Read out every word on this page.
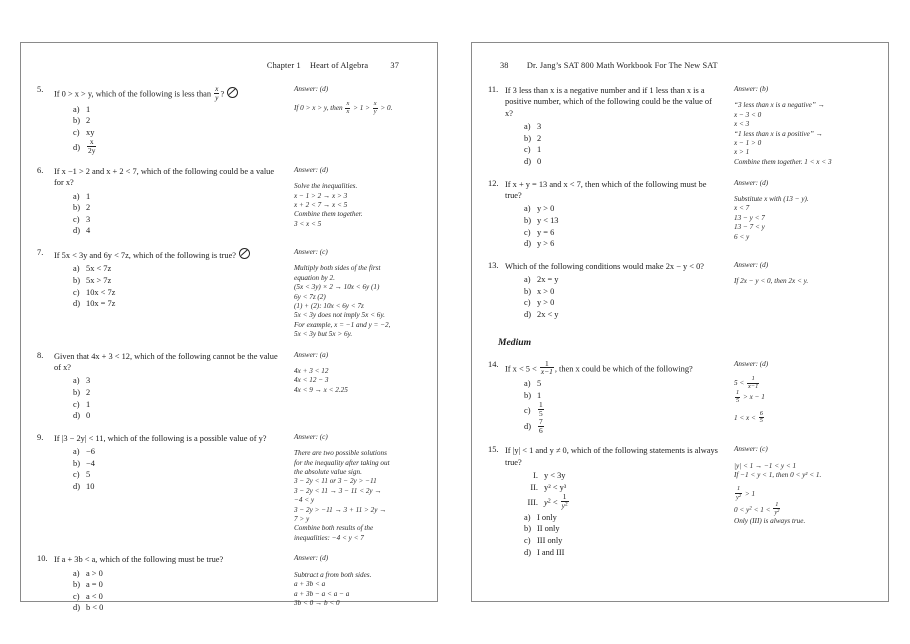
Chapter 1 Heart of Algebra	37
5.
If 0 > x > y, which of the following is less than $\frac{x}{y}$ ?
a) 1
b) 2
c) xy
$d) \frac{x}{2y}$
Answer: (d)
If 0 > x > y, then $\frac{x}{x} > 1 > \frac{x}{y} > 0$.
6.	If x −1 > 2 and x + 2 < 7, which of the following could be a value for x?
a) 1
b) 2
c) 3
d) 4
Answer: (d)
Solve the inequalities.
x − 1 > 2 → x > 3
x + 2 < 7 → x < 5
Combine them together.
3 < x < 5
7.	If 5x < 3y and 6y < 7z, which of the following is true?
a) 5x < 7z
b) 5x > 7z
c) 10x < 7z
d) 10x = 7z
Answer: (c)
Multiply both sides of the first
equation by 2.
(5x < 3y) × 2 → 10x < 6y (1)
6y < 7z (2)
(1) + (2): 10x < 6y < 7z
5x < 3y does not imply 5x < 6y.
For example, x = −1 and y = −2,
5x < 3y but 5x > 6y.
8.	Given that 4x + 3 < 12, which of the following cannot be the value of x?
a) 3
b) 2
c) 1
d) 0
Answer: (a)
4x + 3 < 12
4x < 12 − 3
4x < 9 → x < 2.25
9.	If |3 − 2y| < 11, which of the following is a possible value of y?
a) −6
b) −4
c) 5
d) 10
Answer: (c)
There are two possible solutions
for the inequality after taking out
the absolute value sign.
3 − 2y < 11 or 3 − 2y > −11
3 − 2y < 11 → 3 − 11 < 2y →
−4 < y
3 − 2y > −11 → 3 + 11 > 2y →
7 > y
Combine both results of the
inequalities: −4 < y < 7
10. If a + 3b < a, which of the following must be true?
a) a > 0
b) a = 0
c) a < 0
d) b < 0
Answer: (d)
Subtract a from both sides.
a + 3b < a
a + 3b − a < a − a
3b < 0 → b < 0
38 Dr. Jang’s SAT 800 Math Workbook For The New SAT
11. If 3 less than x is a negative number and if 1 less than x is a positive number, which of the following could be the value of x?
a) 3
b) 2
c) 1
d) 0
Answer: (b)
“3 less than x is a negative” →
x − 3 < 0
x < 3
“1 less than x is a positive” →
x − 1 > 0
x > 1
Combine them together. 1 < x < 3
12. If x + y = 13 and x < 7, then which of the following must be true?
a) y > 0
b) y < 13
c) y = 6
d) y > 6
Answer: (d)
Substitute x with (13 − y).
x < 7
13 − y < 7
13 − 7 < y
6 < y
13. Which of the following conditions would make 2x − y < 0?
a) 2x = y
b) x > 0
c) y > 0
d) 2x < y
Answer: (d)
If 2x − y < 0, then 2x < y.
Medium
14.
If $x < 5 < \frac{1}{x-1}$ , then x could be which of the following?
a) 5
b) 1
$c) \frac{1}{5}$
$d) \frac{7}{6}$
Answer: (d)
$5 < \frac{1}{x-1}$
$\frac{1}{5} > x - 1$
$1 < x < \frac{6}{5}$
15. If |y| < 1 and y ≠ 0, which of the following statements is always true?
I. y < 3y
II. y² < y³
III. $y^2 < \frac{1}{y^2}$
a) I only
b) II only
c) III only
d) I and III
Answer: (c)
|y| < 1 → −1 < y < 1
If −1 < y < 1, then 0 < y² < 1.
$\frac{1}{y^2} > 1$
$0 < y^2 < 1 < \frac{1}{y^2}$
Only (III) is always true.
